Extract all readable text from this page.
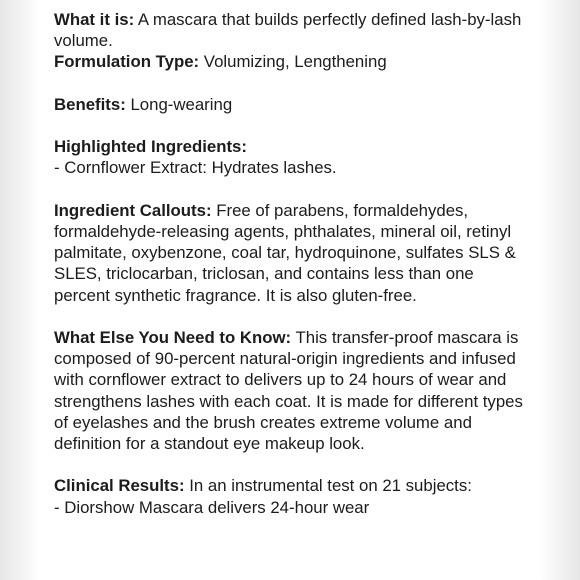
What it is: A mascara that builds perfectly defined lash-by-lash volume.

Formulation Type: Volumizing, Lengthening

Benefits: Long-wearing

Highlighted Ingredients:
- Cornflower Extract: Hydrates lashes.

Ingredient Callouts: Free of parabens, formaldehydes, formaldehyde-releasing agents, phthalates, mineral oil, retinyl palmitate, oxybenzone, coal tar, hydroquinone, sulfates SLS & SLES, triclocarban, triclosan, and contains less than one percent synthetic fragrance. It is also gluten-free.

What Else You Need to Know: This transfer-proof mascara is composed of 90-percent natural-origin ingredients and infused with cornflower extract to delivers up to 24 hours of wear and strengthens lashes with each coat. It is made for different types of eyelashes and the brush creates extreme volume and definition for a standout eye makeup look.

Clinical Results: In an instrumental test on 21 subjects:
- Diorshow Mascara delivers 24-hour wear
